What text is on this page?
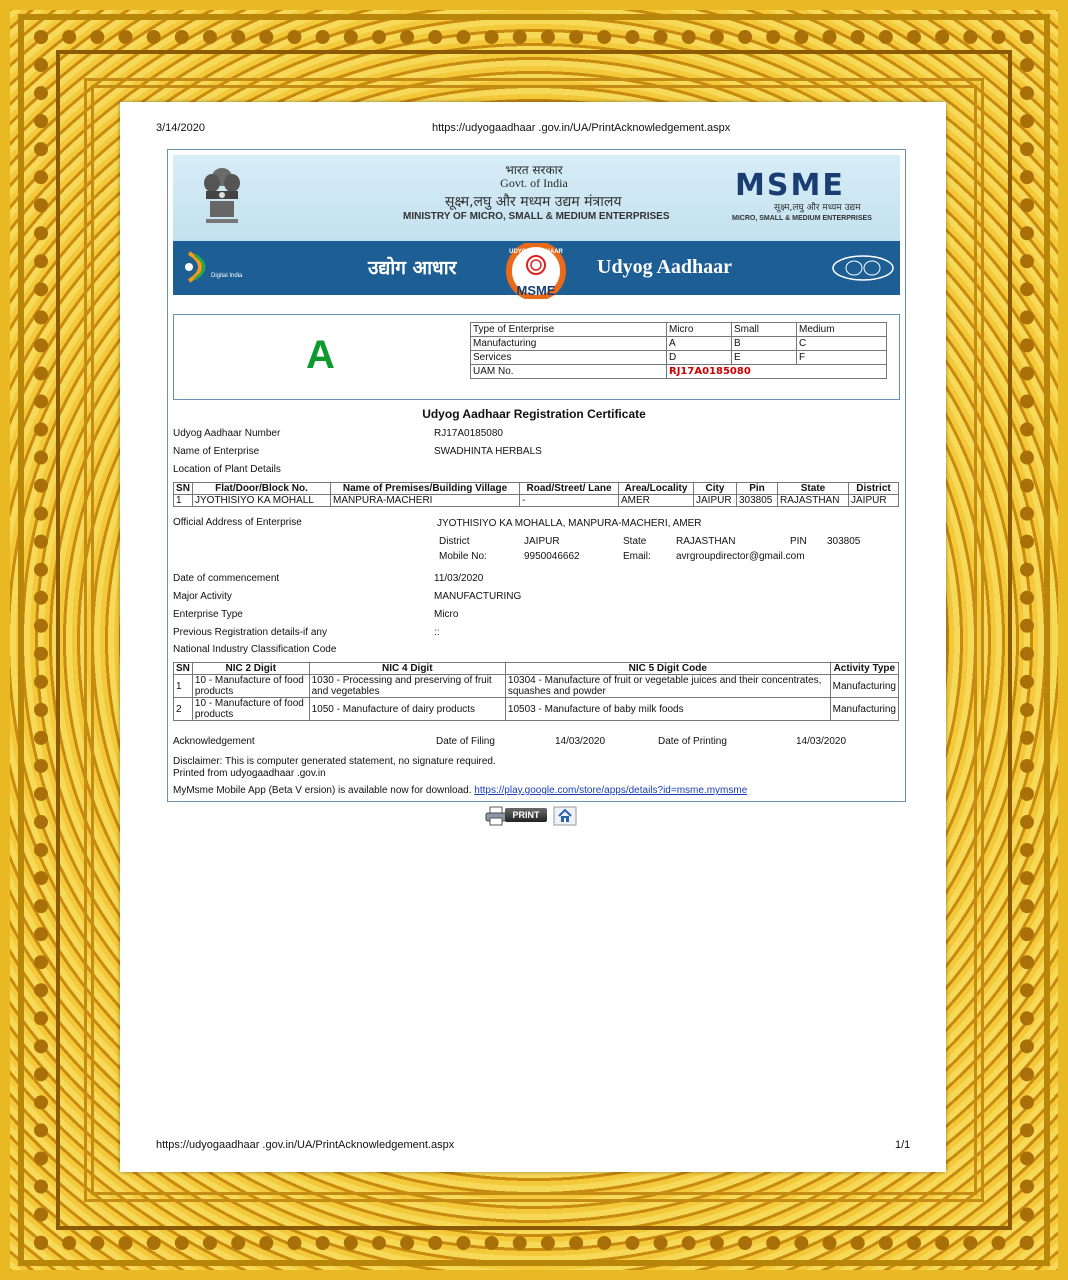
3/14/2020	https://udyogaadhaar .gov.in/UA/PrintAcknowledgement.aspx
भारत सरकार
Govt. of India
सूक्ष्म,लघु और मध्यम उद्यम मंत्रालय
MINISTRY OF MICRO, SMALL & MEDIUM ENTERPRISES
MSME
सूक्ष्म,लघु और मध्यम उद्यम
MICRO, SMALL & MEDIUM ENTERPRISES
Digital India	उद्योग आधार	Udyog Aadhaar
UDYOG AADHAAR
MSME
A
Type of Enterprise	Micro	Small	Medium
Manufacturing	A	B	C
Services	D	E	F
UAM No.	RJ17A0185080		
Udyog Aadhaar Registration Certificate
Udyog Aadhaar Number	RJ17A0185080
Name of Enterprise	SWADHINTA HERBALS
Location of Plant Details
SN	Flat/Door/Block No.	Name of Premises/Building Village	Road/Street/ Lane	Area/Locality	City	Pin	State	District
1	JYOTHISIYO KA MOHALL	MANPURA-MACHERI	-	AMER	JAIPUR	303805	RAJASTHAN	JAIPUR
Official Address of Enterprise	JYOTHISIYO KA MOHALLA, MANPURA-MACHERI, AMER
District	JAIPUR	State	RAJASTHAN	PIN 303805
Mobile No:	9950046662	Email:	avrgroupdirector@gmail.com
Date of commencement	11/03/2020
Major Activity	MANUFACTURING
Enterprise Type	Micro
Previous Registration details-if any	::
National Industry Classification Code
SN	NIC 2 Digit	NIC 4 Digit	NIC 5 Digit Code	Activity Type
1	10 - Manufacture of food products	1030 - Processing and preserving of fruit and vegetables	10304 - Manufacture of fruit or vegetable juices and their concentrates, squashes and powder	Manufacturing
2	10 - Manufacture of food products	1050 - Manufacture of dairy products	10503 - Manufacture of baby milk foods	Manufacturing
Acknowledgement	Date of Filing	14/03/2020	Date of Printing	14/03/2020
Disclaimer: This is computer generated statement, no signature required.
Printed from udyogaadhaar .gov.in
MyMsme Mobile App (Beta V ersion) is available now for download. https://play.google.com/store/apps/details?id=msme.mymsme
PRINT
https://udyogaadhaar .gov.in/UA/PrintAcknowledgement.aspx	1/1
